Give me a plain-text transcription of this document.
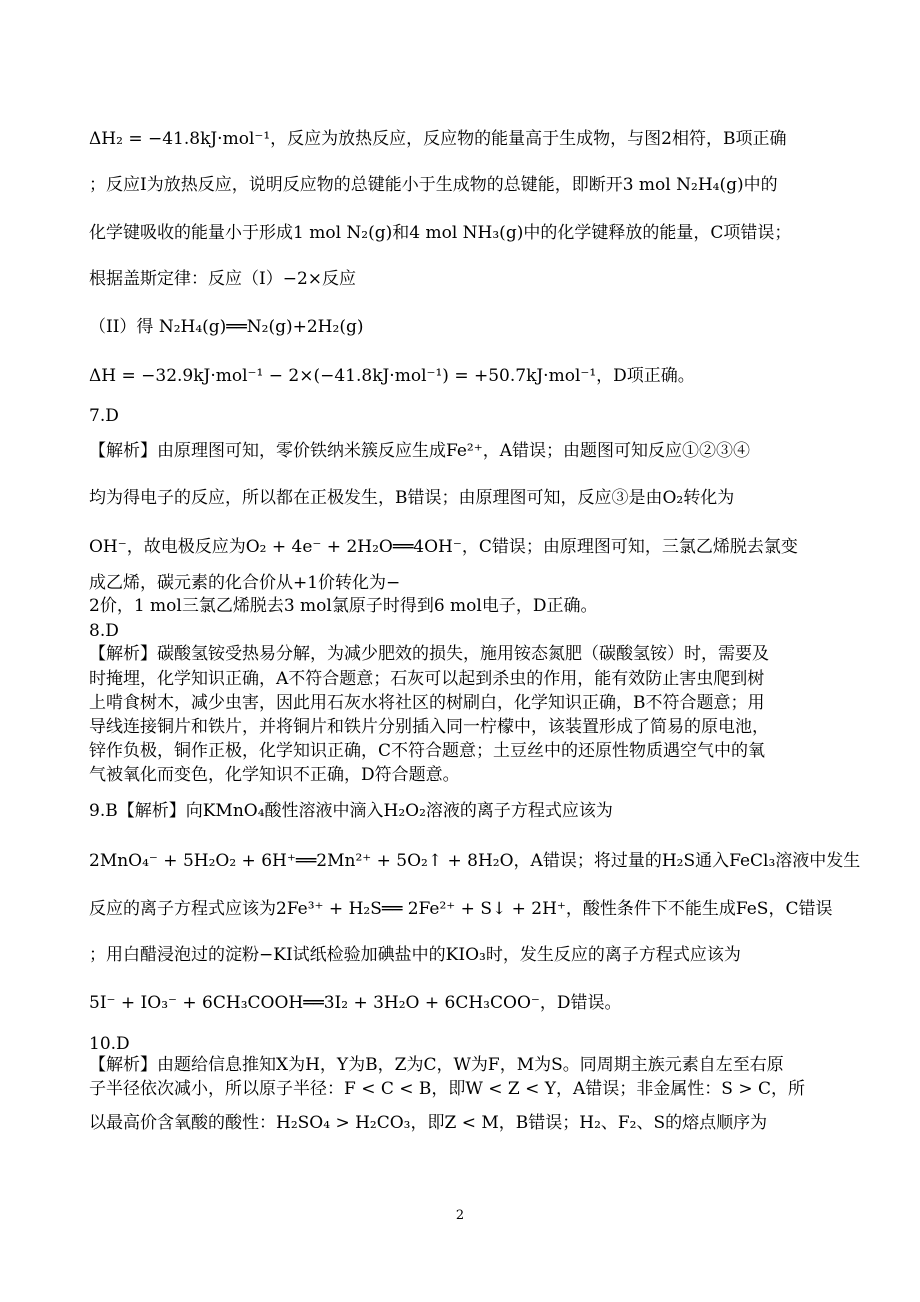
ΔH₂ = −41.8kJ·mol⁻¹，反应为放热反应，反应物的能量高于生成物，与图2相符，B项正确
；反应I为放热反应，说明反应物的总键能小于生成物的总键能，即断开3 mol N₂H₄(g)中的
化学键吸收的能量小于形成1 mol N₂(g)和4 mol NH₃(g)中的化学键释放的能量，C项错误；
根据盖斯定律：反应（I）−2×反应
（II）得 N₂H₄(g)══N₂(g)+2H₂(g)
ΔH = −32.9kJ·mol⁻¹ − 2×(−41.8kJ·mol⁻¹) = +50.7kJ·mol⁻¹，D项正确。
7.D
【解析】由原理图可知，零价铁纳米簇反应生成Fe²⁺，A错误；由题图可知反应①②③④
均为得电子的反应，所以都在正极发生，B错误；由原理图可知，反应③是由O₂转化为
OH⁻，故电极反应为O₂ + 4e⁻ + 2H₂O══4OH⁻，C错误；由原理图可知，三氯乙烯脱去氯变
成乙烯，碳元素的化合价从+1价转化为−
2价，1 mol三氯乙烯脱去3 mol氯原子时得到6 mol电子，D正确。
8.D
【解析】碳酸氢铵受热易分解，为减少肥效的损失，施用铵态氮肥（碳酸氢铵）时，需要及
时掩埋，化学知识正确，A不符合题意；石灰可以起到杀虫的作用，能有效防止害虫爬到树
上啃食树木，减少虫害，因此用石灰水将社区的树刷白，化学知识正确，B不符合题意；用
导线连接铜片和铁片，并将铜片和铁片分别插入同一柠檬中，该装置形成了简易的原电池，
锌作负极，铜作正极，化学知识正确，C不符合题意；土豆丝中的还原性物质遇空气中的氧
气被氧化而变色，化学知识不正确，D符合题意。
9.B【解析】向KMnO₄酸性溶液中滴入H₂O₂溶液的离子方程式应该为
2MnO₄⁻ + 5H₂O₂ + 6H⁺══2Mn²⁺ + 5O₂↑ + 8H₂O，A错误；将过量的H₂S通入FeCl₃溶液中发生
反应的离子方程式应该为2Fe³⁺ + H₂S══ 2Fe²⁺ + S↓ + 2H⁺，酸性条件下不能生成FeS，C错误
；用白醋浸泡过的淀粉−KI试纸检验加碘盐中的KIO₃时，发生反应的离子方程式应该为
5I⁻ + IO₃⁻ + 6CH₃COOH══3I₂ + 3H₂O + 6CH₃COO⁻，D错误。
10.D
【解析】由题给信息推知X为H，Y为B，Z为C，W为F，M为S。同周期主族元素自左至右原
子半径依次减小，所以原子半径：F < C < B，即W < Z < Y，A错误；非金属性：S > C，所
以最高价含氧酸的酸性：H₂SO₄ > H₂CO₃，即Z < M，B错误；H₂、F₂、S的熔点顺序为
2
